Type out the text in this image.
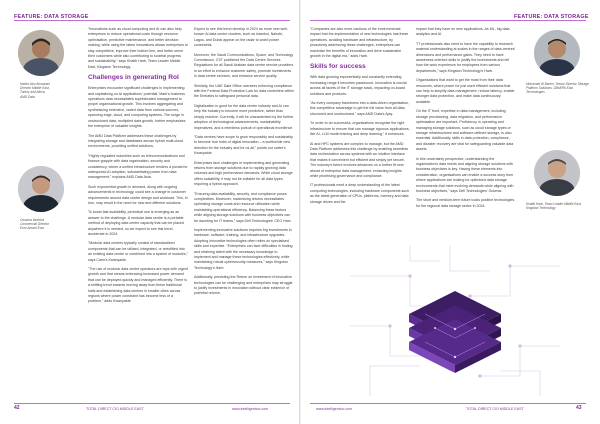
FEATURE: DATA STORAGE	FEATURE: DATA STORAGE
Hakim Abu Ahmaram
Director Middle East,
Turkey and Africa,
AMD Data
Ossama Ibrahimi
Commercial Director
Euro Amant Euro

"Innovations such as cloud computing and AI can also help enterprises to reduce operational costs through resource optimisation, predictive maintenance, and better decision making, while using the latest innovations allows enterprises to stay competitive, improve their bottom line, and better serve their customers while also contributing to societal progress and sustainability," says Khatib Harb, Team Leader Middle East, Kingston Technology.

Challenges in generating RoI

Enterprises encounter significant challenges in implementing and capitalising on AI applications' potential. Mark's business operations data necessitates sophisticated management to propel organisational growth. This involves aggregating and synthesising extensive, varied data from various sources, spanning edge, cloud, and computing systems. The surge in unstructured data, multiplied data growth, further emphasises the enterprise of valuable insights.

The AMD Data Platform addresses these challenges by integrating storage and databases across hybrid multi-cloud environments, providing unified solutions.

"Highly regulated industries such as telecommunications and finance grapple with data organisation, security and consistency, where a unified infrastructure renders a pivotal for widespread AI adoption, substantiating power from data management," explains AMD Data Asia.

Such exponential growth in demand, along with ongoing advancements in technology, could see a change in customer requirements around data centre design and workload. This, in turn, may result in the need for new and different solutions.

To boost fast availability, periodical use is emerging as an answer to the challenge. A modular data centre is a portable method of deploying data centre capacity that can be placed anywhere it is needed, so we expect to see this trend accelerate in 2024.

"Modular data centres typically consist of standardised components that can be utilised, integrated, or retrofitted into an existing data centre or combined into a system of modules," says Carin's Kwanyaide.

"The use of modular data centre operators are tops with urgent growth and that means embracing increased power demand that can be deployed quickly and managed efficiently. There is a shifting trend towards moving away from these traditional halls and establishing data centres in smaller cities across regions where power constraint has become less of a problem," adds Kwanyaide.

Expect to see this trend develop in 2024 as more new well-known Ai data centre clusters, such as Istanbul, Nairobi, Lagos, and Dubai appear on the radar to world power constraints.

Moreover, the Saudi Communications, Space, and Technology Commission, CST published the Data Centre Services Regulations for all Saudi Arabian data centre service providers in an effort to enhance customer safety, promote investments in data centre services, and enhance service quality.

Similarly, the UAE Data Office oversees enforcing compliance with the Federal Data Protection Law for data controllers within the Emirates to safeguard personal data.

Digitalisation is good for the data centre industry and AI can help the industry to become more predictive, rather than simply reactive. Currently, it will be characterised by the further adoption of technological advancements, sustainability imperatives, and a relentless pursuit of operational excellence.

"Data centres have scope to grow responsibly and sustainably to become true hubs of digital innovation – a worthwhile new direction for the industry and for us all," points our carter's Kwanyaide.

Enterprises face challenges in implementing and generating returns from storage solutions due to rapidly growing data volumes and high performance demands. While cloud storage offers scalability, it may not be suitable for all data types, requiring a hybrid approach.

"Ensuring data availability, security, and compliance poses complexities. Moreover, maximising returns necessitates optimising storage costs and resource utilisation while maintaining operational efficiency. Balancing these factors while aligning storage solutions with business objectives can be daunting for IT teams," says Dell Technologies' CEO Harv.

Implementing innovative solutions requires big investments in hardware, software, training, and infrastructure upgrades. Adopting innovative technologies often relies on specialised skills and expertise. "Enterprises can face difficulties in finding and retaining talent with the necessary knowledge to implement and manage these technologies effectively, while maintaining robust cybersecurity measures," says Kingston Technology's Harb.

Additionally, persisting the Return on investment of innovative technologies can be challenging and enterprises may struggle to justify investments in innovation without clear evidence of potential returns.

"Companies are also more cautious of the environmental impact that the implementation of new technologies has these operations, avoiding hardware and infrastructure, by proactively addressing these challenges, enterprises can maximise the benefits of innovation and drive sustainable growth in the digital era," adds Harb.

Skills for success

With data growing exponentially and constantly extending increasing range it becomes paramount. Innovation is crucial across all facets of the IT storage stack, impacting on-board solutions and products.

"As every company transforms into a data-driven organisation, this competitive advantage to get the full value from all data, structured and unstructured," says AMD Data's Ajay.

"In order to do successful, organisations recognise the right infrastructure to ensure that can manage rigorous applications, like AI, LLM model training and deep learning," it enhances.

AI and HPC systems are complex to manage, but the AMD Data Platform addresses this challenge by enabling seamless data orchestration across systems with an intuitive interface that makes it convenient but efficient and simply yet secure. The industry's future involves advances on a further fit new ahead of enterprise data management, extracting insights while prioritising governance and compliance.

IT professionals need a deep understanding of the latest computing technologies, including hardware components such as the latest generation of CPUs, platforms, memory and data storage drives and the

impact that they have on new applications. As ML, big data analytics and AI.

"IT professionals also need to have the capability to research material understanding at scales in the ranges of data-centres' dimensions and performance gains. They need to have awareness oriented skills to justify the investments and tell how the work experience for employees from various departments," says Kingston Technology's Harb.

Organisations that want to get the most from their data resources, where power for just used efficient solutions that can help to simplify data management, reduce latency, enable stronger data protection, and make data continuously available.

On the IT front, expertise in data management, including storage provisioning, data migration, and performance optimisation are important. Proficiency in operating and managing storage solutions, such as cloud storage types or storage infrastructures and software-defined storage, is also essential. Additionally, skills in data protection, compliance, and disaster recovery are vital for safeguarding valuable data assets.

In this uncertainty perspective, understanding the organisation's data needs and aligning storage solutions with business objectives is key. Having these elements into consideration, organisations can enable a success story from where applications are looking for optimised data storage environments that meet evolving demands while aligning with business objectives," says Dell Technologies' Goumar.

The short and medium-term future looks positive technologies for the regional data storage sector in 2024.

Mohamed Al Barimi, Senior Director Storage Platform Solutions, GBM/PA East Technologies
Khatib Harb, Team Leader Middle East, Kingston Technology
42	TOTAL DIRECT CIO MIDDLE EAST	www.intelligentcio.com	www.intelligentcio.com	TOTAL DIRECT CIO MIDDLE EAST	43
